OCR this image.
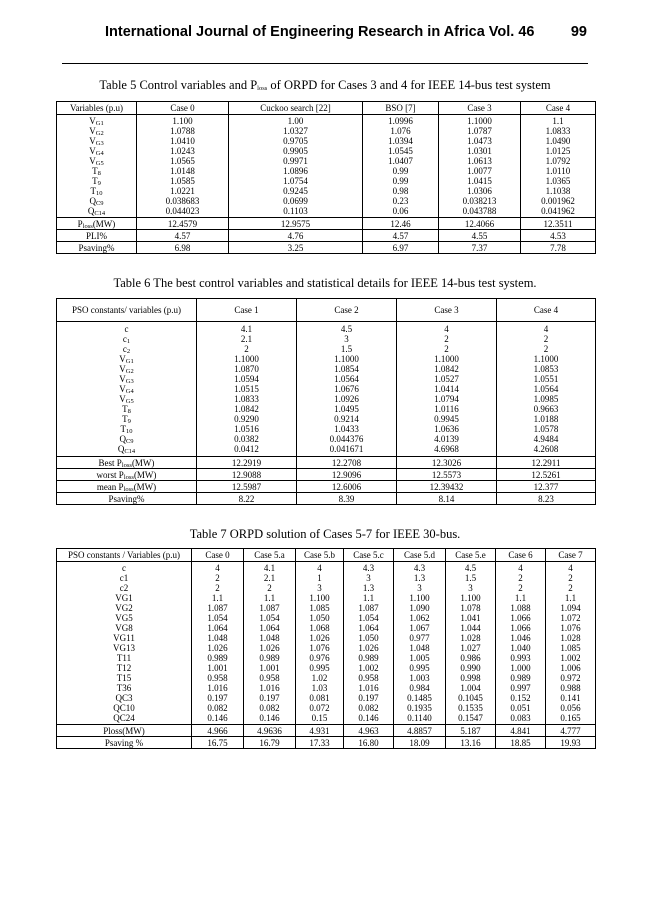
International Journal of Engineering Research in Africa Vol. 46	99
Table 5 Control variables and $P_{loss}$ of ORPD for Cases 3 and 4 for IEEE 14-bus test system
Variables (p.u)	Case 0	Cuckoo search [22]	BSO [7]	Case 3	Case 4
$V_{G1}$	1.100	1.00	1.0996	1.1000	1.1
$V_{G2}$	1.0788	1.0327	1.076	1.0787	1.0833
$V_{G3}$	1.0410	0.9705	1.0394	1.0473	1.0490
$V_{G4}$	1.0243	0.9905	1.0545	1.0301	1.0125
$V_{G5}$	1.0565	0.9971	1.0407	1.0613	1.0792
$T_8$	1.0148	1.0896	0.99	1.0077	1.0110
$T_9$	1.0585	1.0754	0.99	1.0415	1.0365
$T_{10}$	1.0221	0.9245	0.98	1.0306	1.1038
$Q_{C9}$	0.038683	0.0699	0.23	0.038213	0.001962
$Q_{C14}$	0.044023	0.1103	0.06	0.043788	0.041962
$P_{loss}(MW)$	12.4579	12.9575	12.46	12.4066	12.3511
PLI%	4.57	4.76	4.57	4.55	4.53
Psaving%	6.98	3.25	6.97	7.37	7.78
Table 6 The best control variables and statistical details for IEEE 14-bus test system.
PSO constants/ variables (p.u)	Case 1	Case 2	Case 3	Case 4
c	4.1	4.5	4	4
$c_1$	2.1	3	2	2
$c_2$	2	1.5	2	2
$V_{G1}$	1.1000	1.1000	1.1000	1.1000
$V_{G2}$	1.0870	1.0854	1.0842	1.0853
$V_{G3}$	1.0594	1.0564	1.0527	1.0551
$V_{G4}$	1.0515	1.0676	1.0414	1.0564
$V_{G5}$	1.0833	1.0926	1.0794	1.0985
$T_8$	1.0842	1.0495	1.0116	0.9663
$T_9$	0.9290	0.9214	0.9945	1.0188
$T_{10}$	1.0516	1.0433	1.0636	1.0578
$Q_{C9}$	0.0382	0.044376	4.0139	4.9484
$Q_{C14}$	0.0412	0.041671	4.6968	4.2608
Best $P_{loss}(MW)$	12.2919	12.2708	12.3026	12.2911
worst $P_{loss}(MW)$	12.9088	12.9096	12.5573	12.5261
mean $P_{loss}(MW)$	12.5987	12.6006	12.39432	12.377
Psaving%	8.22	8.39	8.14	8.23
Table 7 ORPD solution of Cases 5-7 for IEEE 30-bus.
PSO constants / Variables (p.u)	Case 0	Case 5.a	Case 5.b	Case 5.c	Case 5.d	Case 5.e	Case 6	Case 7
c	4	4.1	4	4.3	4.3	4.5	4	4
c1	2	2.1	1	3	1.3	1.5	2	2
c2	2	2	3	1.3	3	3	2	2
VG1	1.1	1.1	1.100	1.1	1.100	1.100	1.1	1.1
VG2	1.087	1.087	1.085	1.087	1.090	1.078	1.088	1.094
VG5	1.054	1.054	1.050	1.054	1.062	1.041	1.066	1.072
VG8	1.064	1.064	1.068	1.064	1.067	1.044	1.066	1.076
VG11	1.048	1.048	1.026	1.050	0.977	1.028	1.046	1.028
VG13	1.026	1.026	1.076	1.026	1.048	1.027	1.040	1.085
T11	0.989	0.989	0.976	0.989	1.005	0.986	0.993	1.002
T12	1.001	1.001	0.995	1.002	0.995	0.990	1.000	1.006
T15	0.958	0.958	1.02	0.958	1.003	0.998	0.989	0.972
T36	1.016	1.016	1.03	1.016	0.984	1.004	0.997	0.988
QC3	0.197	0.197	0.081	0.197	0.1485	0.1045	0.152	0.141
QC10	0.082	0.082	0.072	0.082	0.1935	0.1535	0.051	0.056
QC24	0.146	0.146	0.15	0.146	0.1140	0.1547	0.083	0.165
Ploss(MW)	4.966	4.9636	4.931	4.963	4.8857	5.187	4.841	4.777
Psaving %	16.75	16.79	17.33	16.80	18.09	13.16	18.85	19.93
